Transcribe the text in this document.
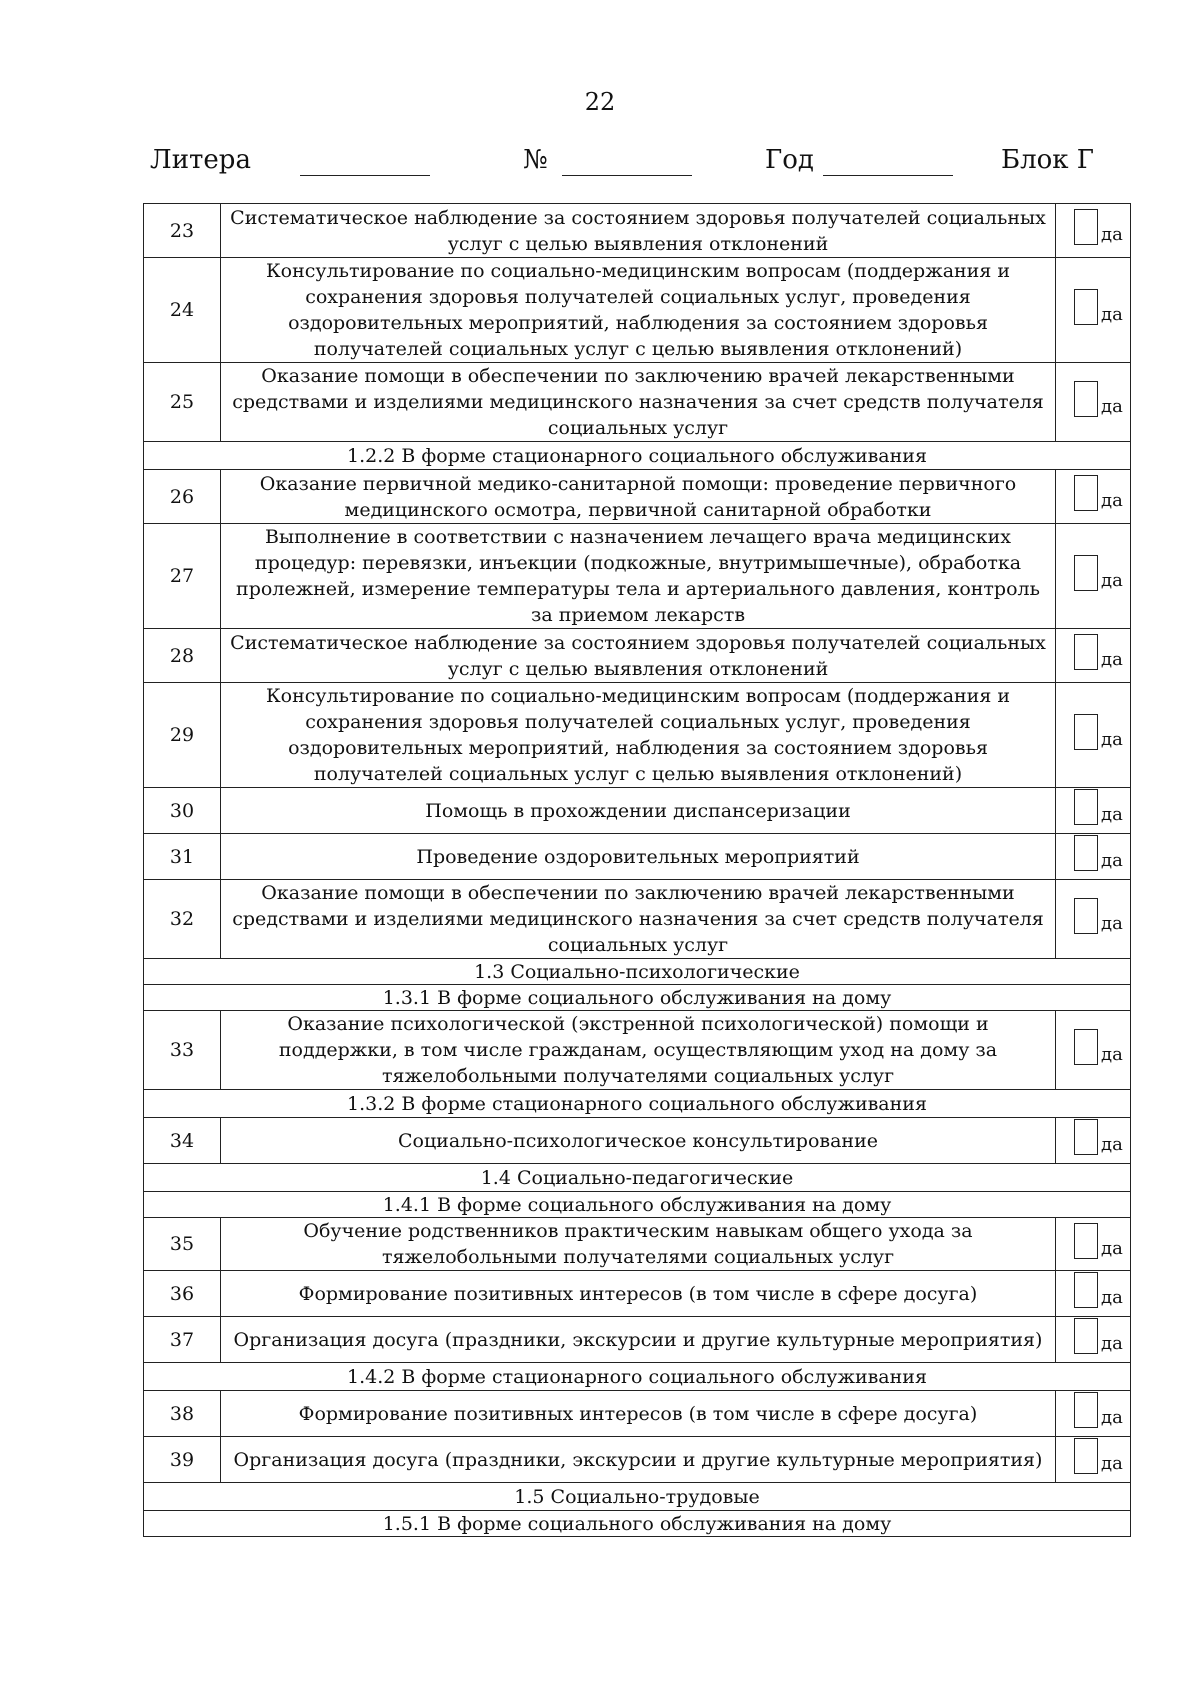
22
Литера	№	Год	Блок Г
23	Систематическое наблюдение за состоянием здоровья получателей социальных услуг с целью выявления отклонений	да

24	Консультирование по социально-медицинским вопросам (поддержания и сохранения здоровья получателей социальных услуг, проведения оздоровительных мероприятий, наблюдения за состоянием здоровья получателей социальных услуг с целью выявления отклонений)	да

25	Оказание помощи в обеспечении по заключению врачей лекарственными средствами и изделиями медицинского назначения за счет средств получателя социальных услуг	да

1.2.2 В форме стационарного социального обслуживания		
26	Оказание первичной медико-санитарной помощи: проведение первичного медицинского осмотра, первичной санитарной обработки	да

27	Выполнение в соответствии с назначением лечащего врача медицинских процедур: перевязки, инъекции (подкожные, внутримышечные), обработка пролежней, измерение температуры тела и артериального давления, контроль за приемом лекарств	да

28	Систематическое наблюдение за состоянием здоровья получателей социальных услуг с целью выявления отклонений	да

29	Консультирование по социально-медицинским вопросам (поддержания и сохранения здоровья получателей социальных услуг, проведения оздоровительных мероприятий, наблюдения за состоянием здоровья получателей социальных услуг с целью выявления отклонений)	да

30	Помощь в прохождении диспансеризации	да

31	Проведение оздоровительных мероприятий	да

32	Оказание помощи в обеспечении по заключению врачей лекарственными средствами и изделиями медицинского назначения за счет средств получателя социальных услуг	да

1.3 Социально-психологические		
1.3.1 В форме социального обслуживания на дому		
33	Оказание психологической (экстренной психологической) помощи и поддержки, в том числе гражданам, осуществляющим уход на дому за тяжелобольными получателями социальных услуг	да

1.3.2 В форме стационарного социального обслуживания		
34	Социально-психологическое консультирование	да

1.4 Социально-педагогические		
1.4.1 В форме социального обслуживания на дому		
35	Обучение родственников практическим навыкам общего ухода за тяжелобольными получателями социальных услуг	да

36	Формирование позитивных интересов (в том числе в сфере досуга)	да

37	Организация досуга (праздники, экскурсии и другие культурные мероприятия)	да

1.4.2 В форме стационарного социального обслуживания		
38	Формирование позитивных интересов (в том числе в сфере досуга)	да

39	Организация досуга (праздники, экскурсии и другие культурные мероприятия)	да

1.5 Социально-трудовые		
1.5.1 В форме социального обслуживания на дому		
